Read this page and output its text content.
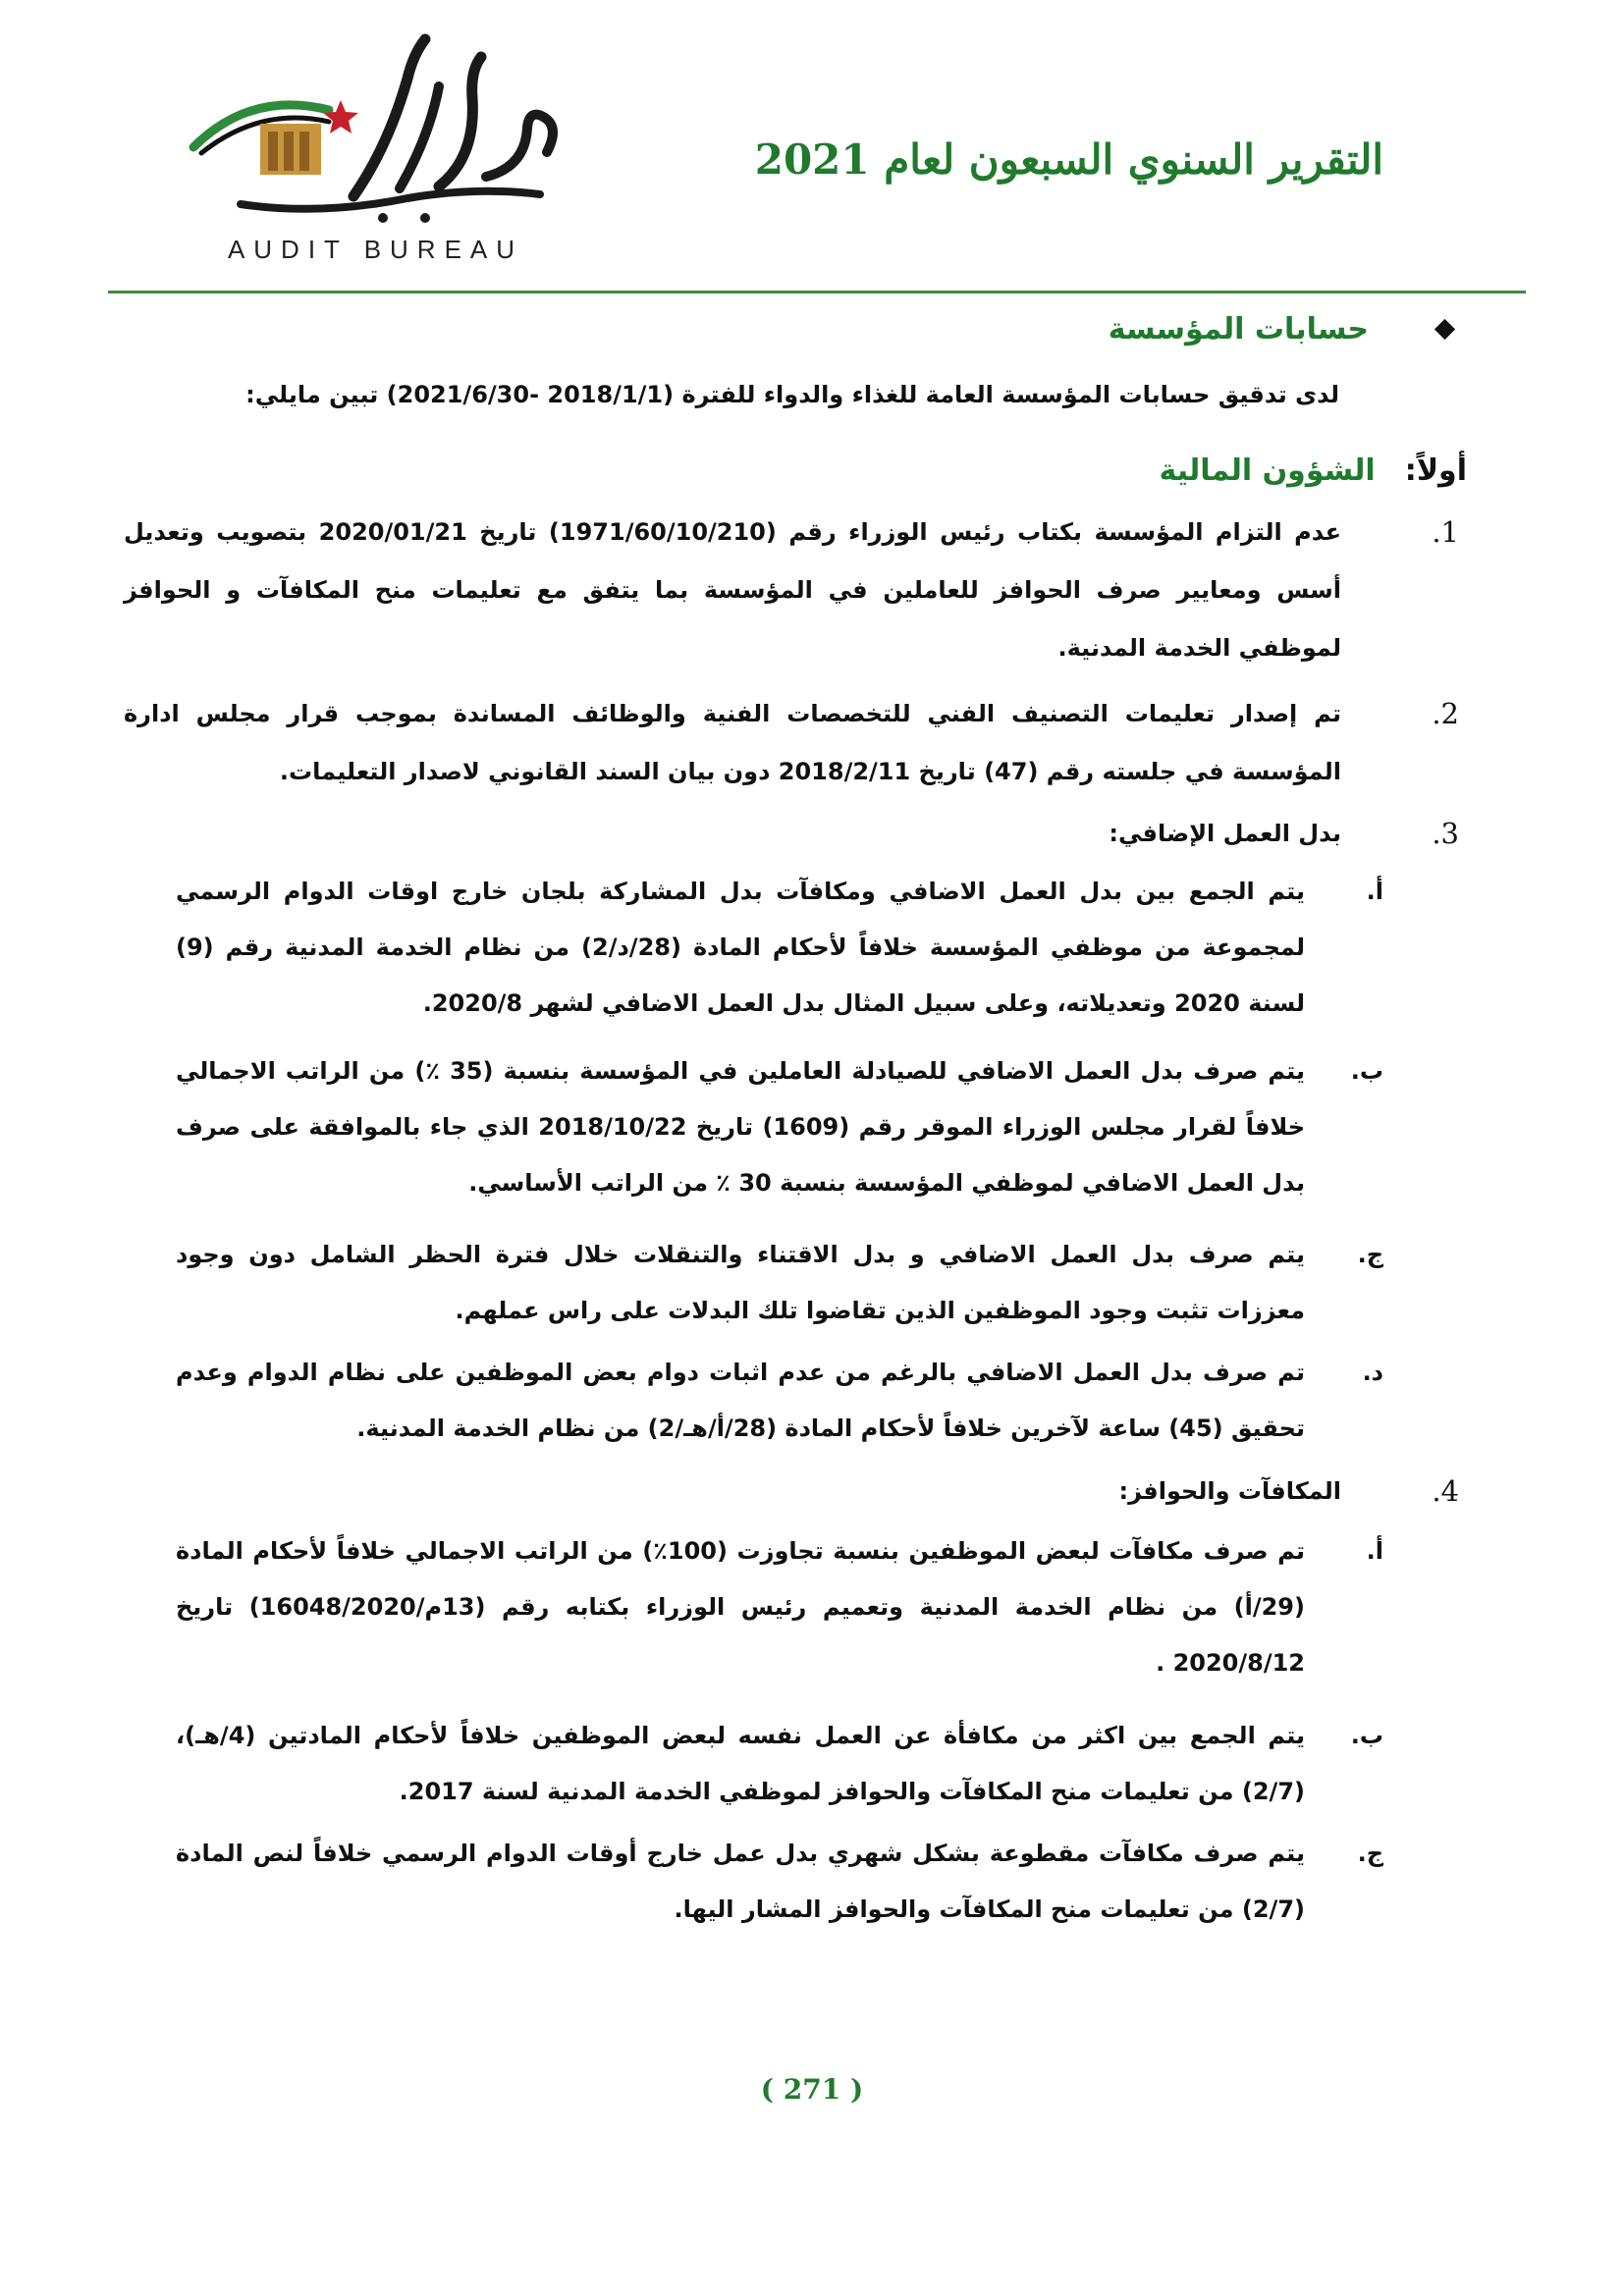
AUDIT BUREAU
التقرير السنوي السبعون لعام 2021
حسابات المؤسسة
لدى تدقيق حسابات المؤسسة العامة للغذاء والدواء للفترة (2018/1/1 -2021/6/30) تبين مايلي:
أولاً:
الشؤون المالية
1.
عدم التزام المؤسسة بكتاب رئيس الوزراء رقم (1971/60/10/210) تاريخ 2020/01/21 بتصويب وتعديل أسس ومعايير صرف الحوافز للعاملين في المؤسسة بما يتفق مع تعليمات منح المكافآت و الحوافز لموظفي الخدمة المدنية.
2.
تم إصدار تعليمات التصنيف الفني للتخصصات الفنية والوظائف المساندة بموجب قرار مجلس ادارة المؤسسة في جلسته رقم (47) تاريخ 2018/2/11 دون بيان السند القانوني لاصدار التعليمات.
3.
بدل العمل الإضافي:
أ.
يتم الجمع بين بدل العمل الاضافي ومكافآت بدل المشاركة بلجان خارج اوقات الدوام الرسمي لمجموعة من موظفي المؤسسة خلافاً لأحكام المادة (28/د/2) من نظام الخدمة المدنية رقم (9) لسنة 2020 وتعديلاته، وعلى سبيل المثال بدل العمل الاضافي لشهر 2020/8.
ب.
يتم صرف بدل العمل الاضافي للصيادلة العاملين في المؤسسة بنسبة (35 ٪) من الراتب الاجمالي خلافاً لقرار مجلس الوزراء الموقر رقم (1609) تاريخ 2018/10/22 الذي جاء بالموافقة على صرف بدل العمل الاضافي لموظفي المؤسسة بنسبة 30 ٪ من الراتب الأساسي.
ج.
يتم صرف بدل العمل الاضافي و بدل الاقتناء والتنقلات خلال فترة الحظر الشامل دون وجود معززات تثبت وجود الموظفين الذين تقاضوا تلك البدلات على راس عملهم.
د.
تم صرف بدل العمل الاضافي بالرغم من عدم اثبات دوام بعض الموظفين على نظام الدوام وعدم تحقيق (45) ساعة لآخرين خلافاً لأحكام المادة (28/أ/هـ/2) من نظام الخدمة المدنية.
4.
المكافآت والحوافز:
أ.
تم صرف مكافآت لبعض الموظفين بنسبة تجاوزت (100٪) من الراتب الاجمالي خلافاً لأحكام المادة (29/أ) من نظام الخدمة المدنية وتعميم رئيس الوزراء بكتابه رقم (13م/16048/2020) تاريخ 2020/8/12 .
ب.
يتم الجمع بين اكثر من مكافأة عن العمل نفسه لبعض الموظفين خلافاً لأحكام المادتين (4/هـ)، (2/7) من تعليمات منح المكافآت والحوافز لموظفي الخدمة المدنية لسنة 2017.
ج.
يتم صرف مكافآت مقطوعة بشكل شهري بدل عمل خارج أوقات الدوام الرسمي خلافاً لنص المادة (2/7) من تعليمات منح المكافآت والحوافز المشار اليها.
( 271 )
